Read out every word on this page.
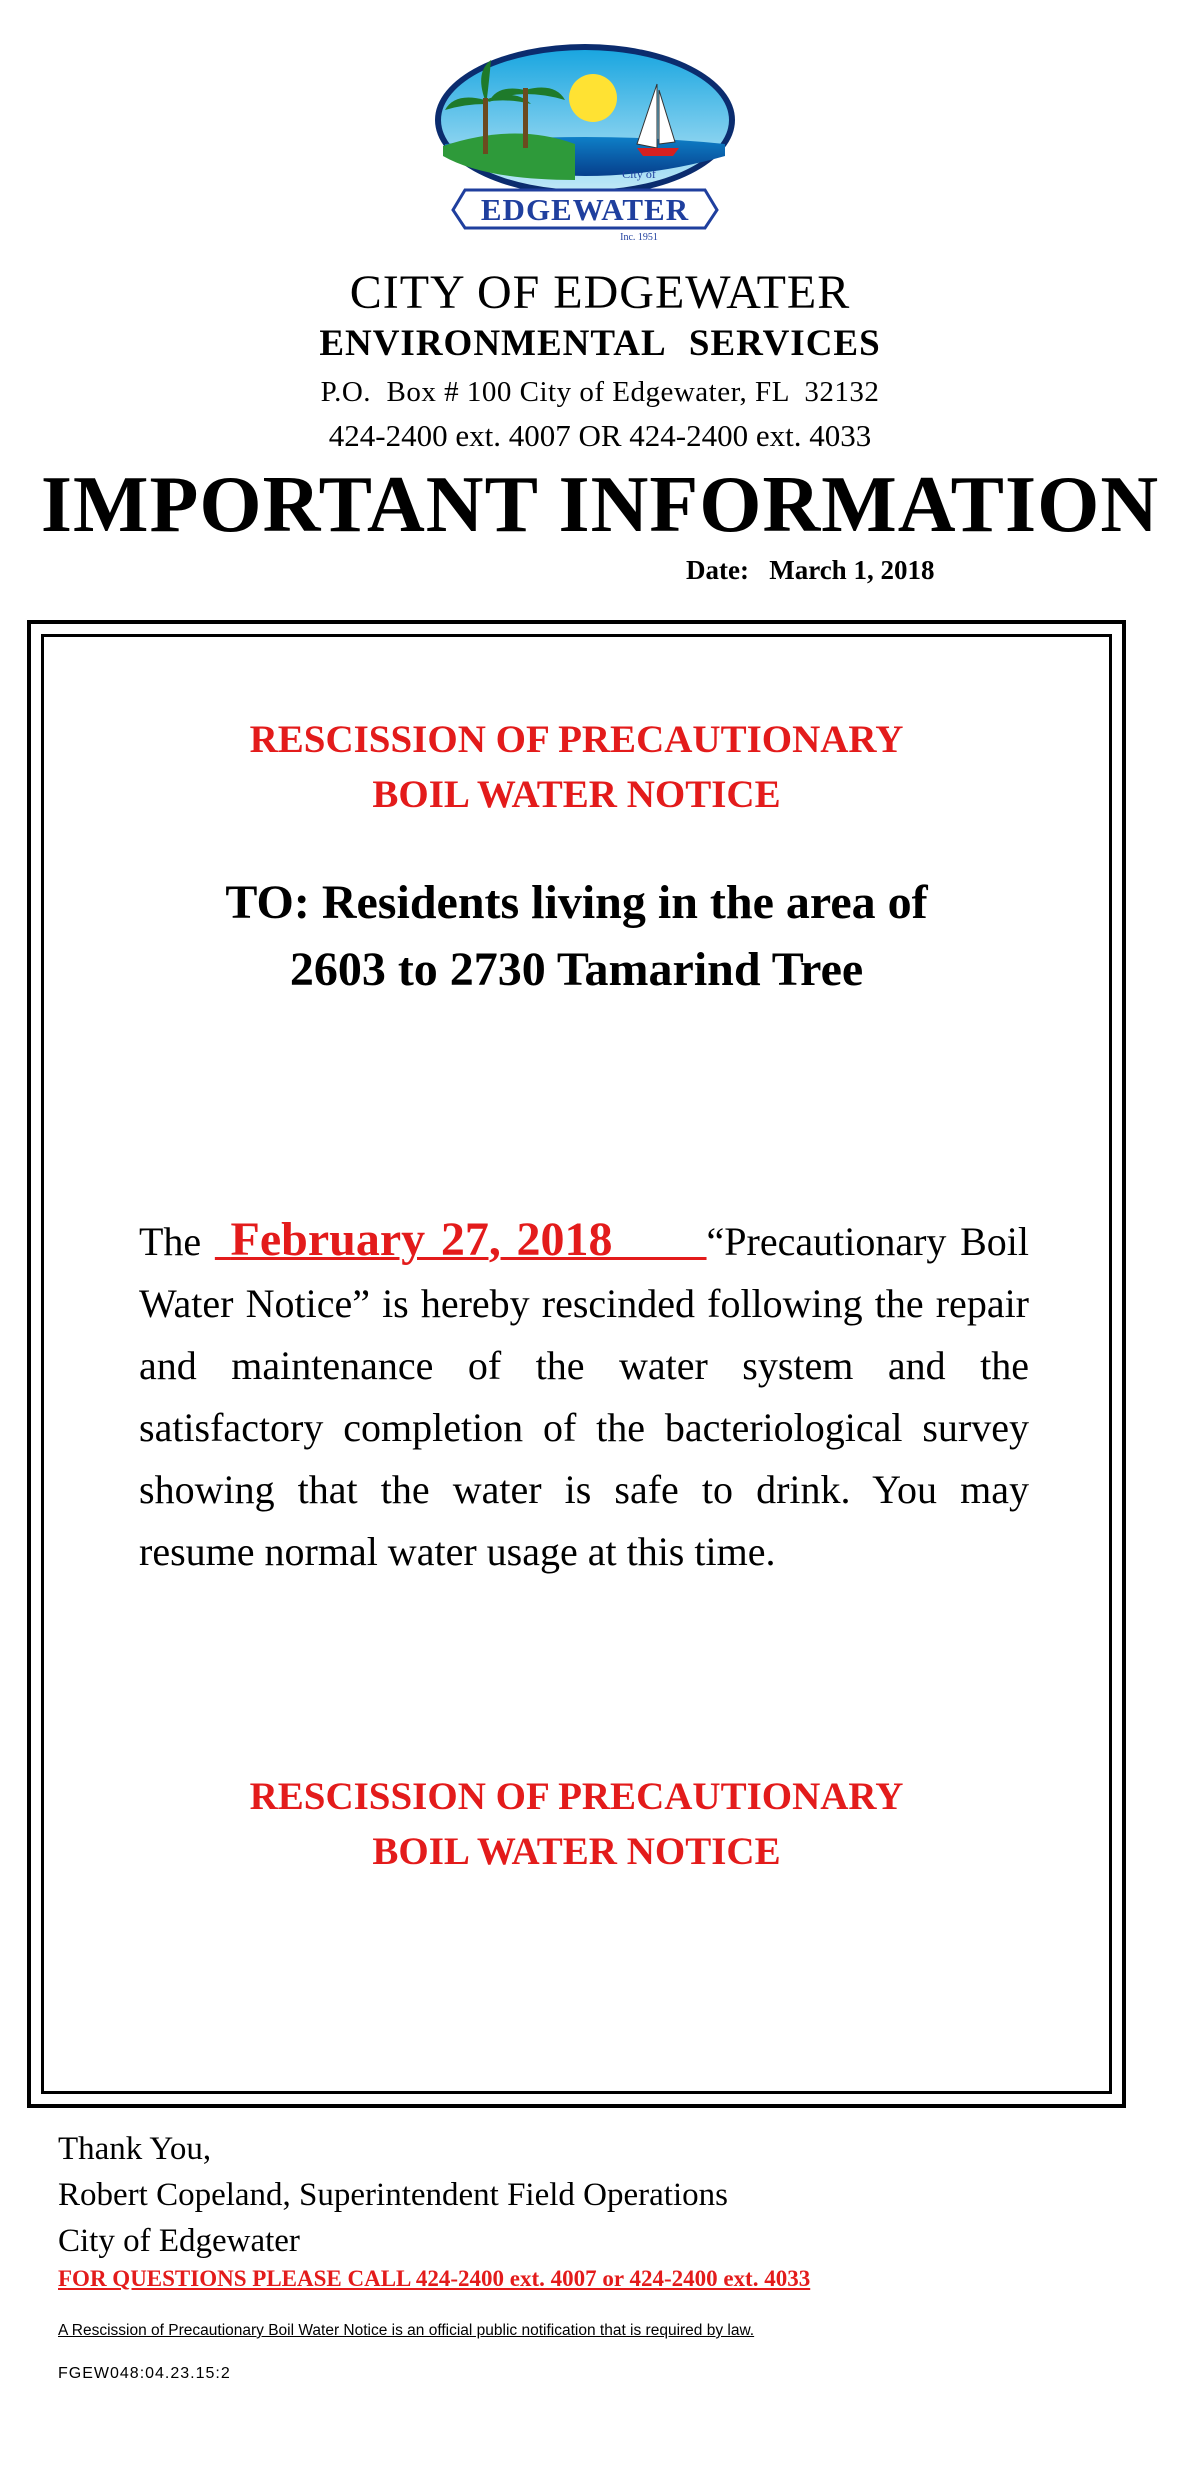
City of
EDGEWATER
Inc. 1951
CITY OF EDGEWATER
ENVIRONMENTAL SERVICES
P.O.  Box # 100 City of Edgewater, FL  32132
424-2400 ext. 4007 OR 424-2400 ext. 4033
IMPORTANT INFORMATION
Date: March 1, 2018
RESCISSION OF PRECAUTIONARY
BOIL WATER NOTICE
TO: Residents living in the area of
2603 to 2730 Tamarind Tree
The  February 27, 2018 “Precautionary Boil Water Notice” is hereby rescinded following the repair and maintenance of the water system and the satisfactory completion of the bacteriological survey showing that the water is safe to drink. You may resume normal water usage at this time.
RESCISSION OF PRECAUTIONARY
BOIL WATER NOTICE
Thank You,
Robert Copeland, Superintendent Field Operations
City of Edgewater
FOR QUESTIONS PLEASE CALL 424-2400 ext. 4007 or 424-2400 ext. 4033
A Rescission of Precautionary Boil Water Notice is an official public notification that is required by law.
FGEW048:04.23.15:2
